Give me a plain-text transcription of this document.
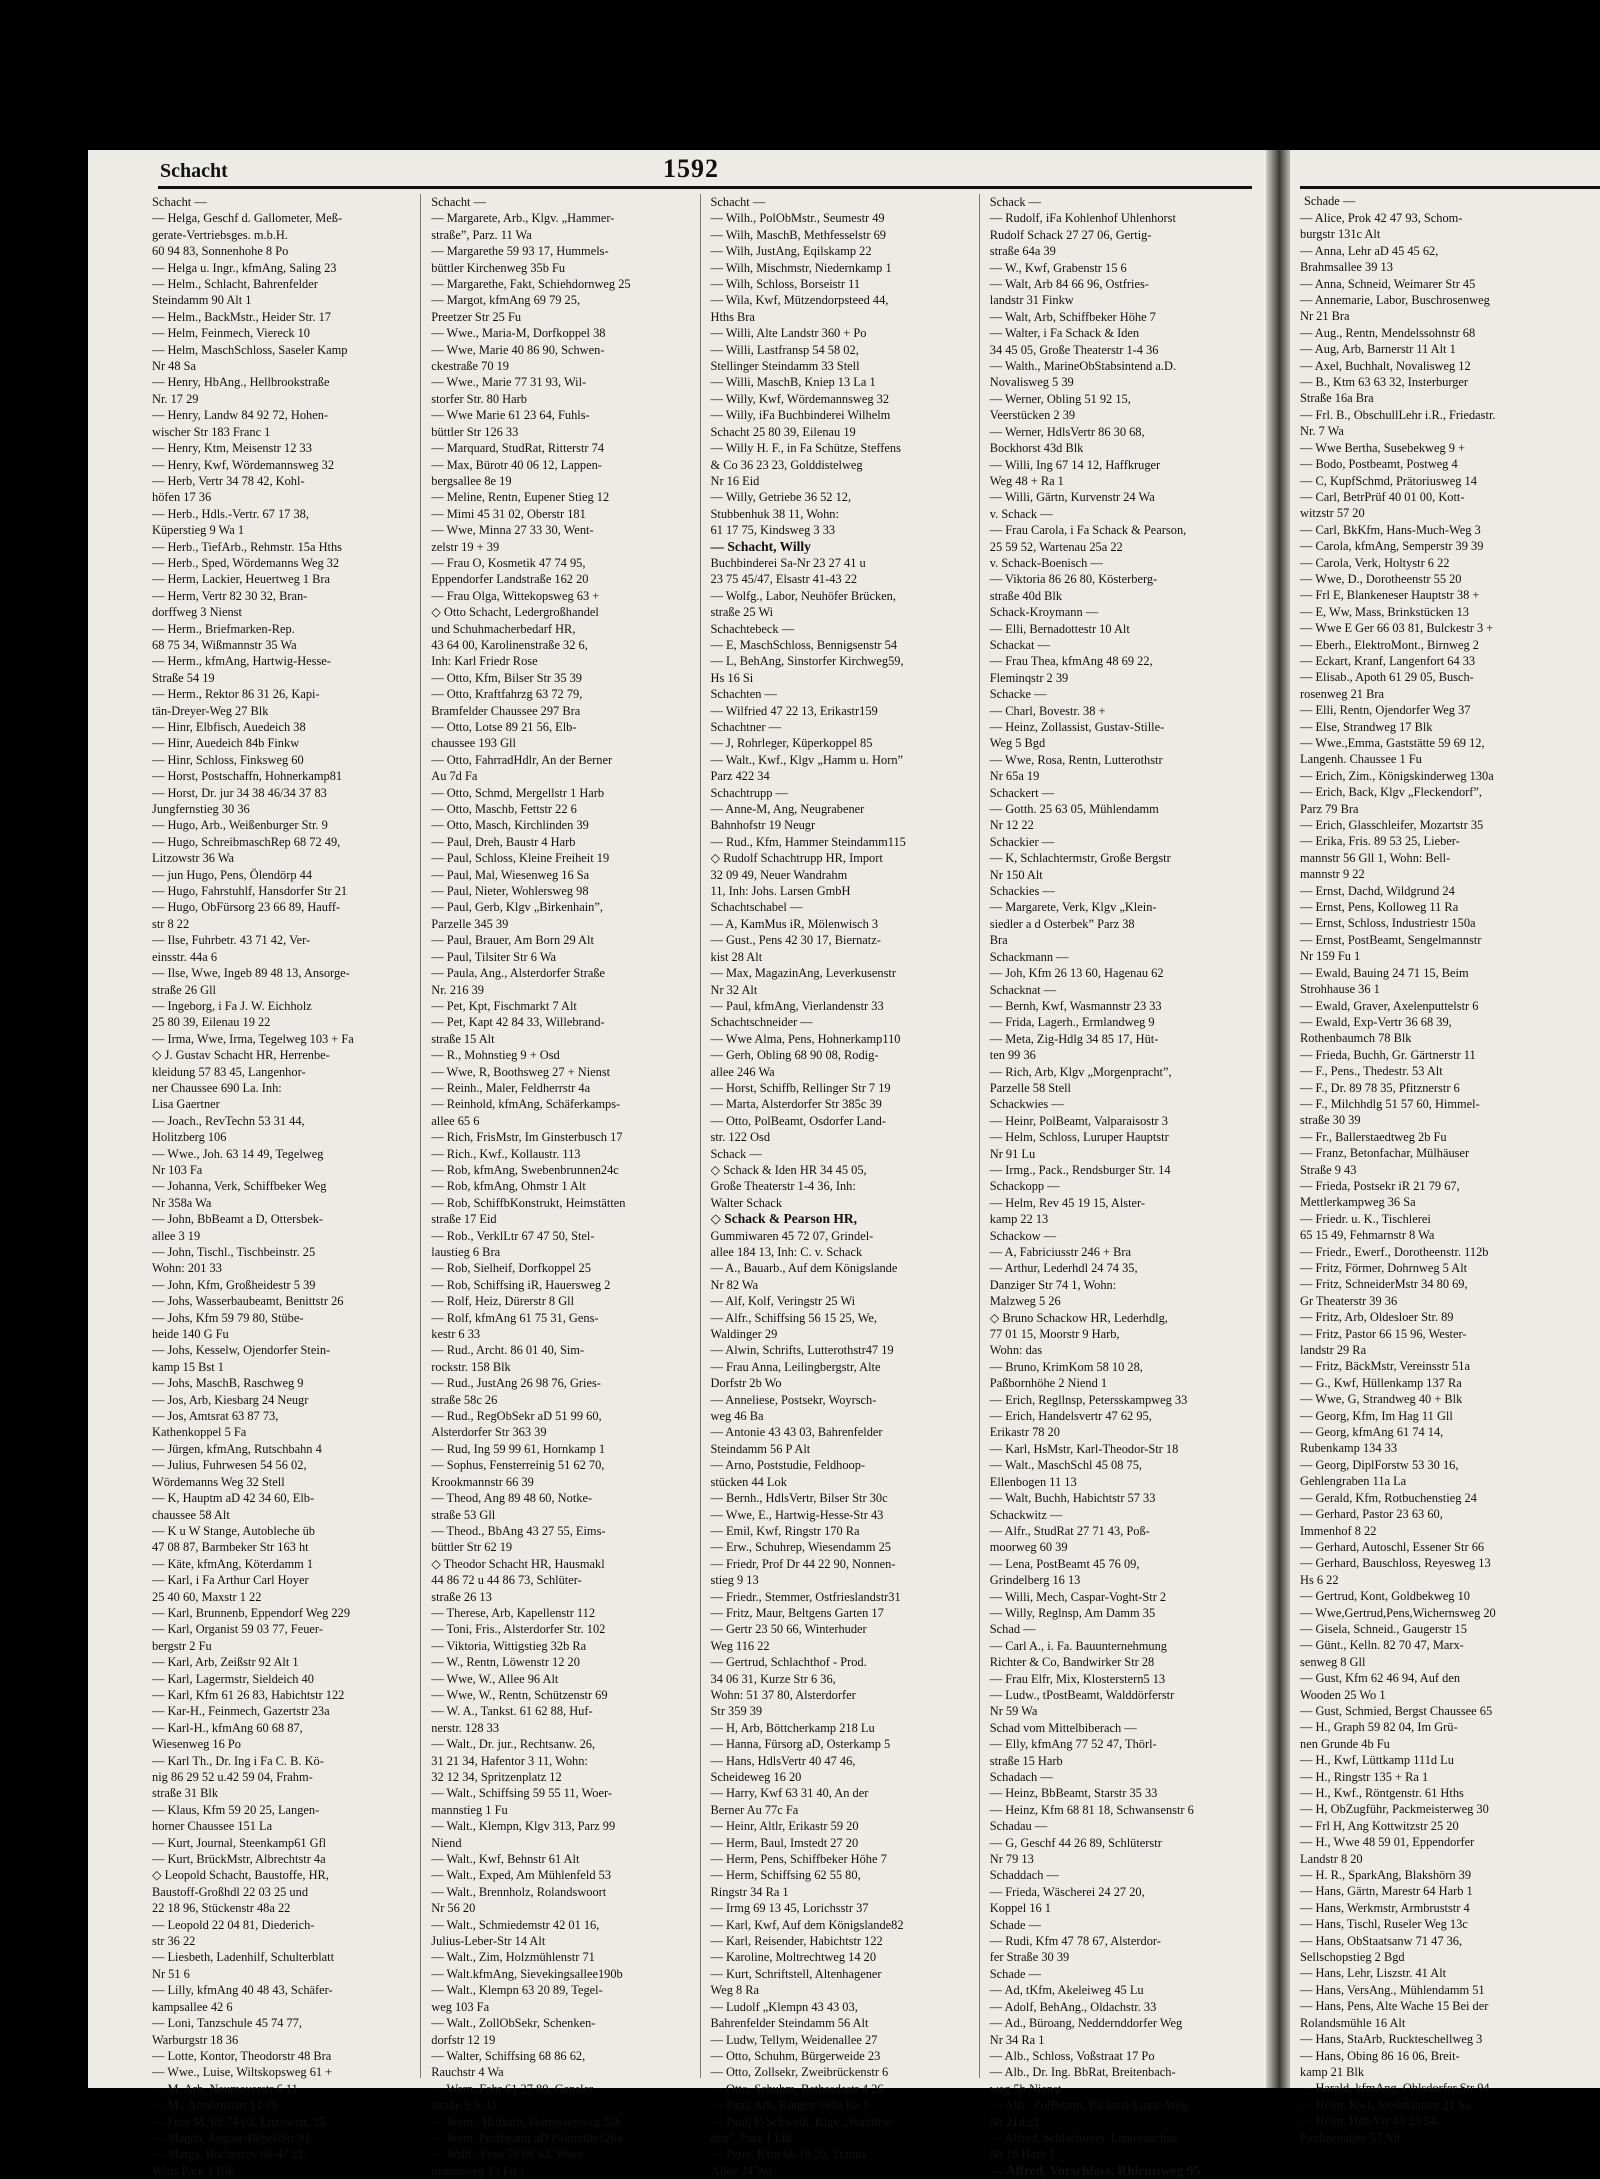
Schacht	1592
Schacht —
— Helga, Geschf d. Gallometer, Meß-
gerate-Vertriebsges. m.b.H.
60 94 83, Sonnenhohe 8 Po
— Helga u. Ingr., kfmAng, Saling 23
— Helm., Schlacht, Bahrenfelder
Steindamm 90 Alt 1
— Helm., BackMstr., Heider Str. 17
— Helm, Feinmech, Viereck 10
— Helm, MaschSchloss, Saseler Kamp
Nr 48 Sa
— Henry, HbAng., Hellbrookstraße
Nr. 17 29
— Henry, Landw 84 92 72, Hohen-
wischer Str 183 Franc 1
— Henry, Ktm, Meisenstr 12 33
— Henry, Kwf, Wördemannsweg 32
— Herb, Vertr 34 78 42, Kohl-
höfen 17 36
— Herb., Hdls.-Vertr. 67 17 38,
Küperstieg 9 Wa 1
— Herb., TiefArb., Rehmstr. 15a Hths
— Herb., Sped, Wördemanns Weg 32
— Herm, Lackier, Heuertweg 1 Bra
— Herm, Vertr 82 30 32, Bran-
dorffweg 3 Nienst
— Herm., Briefmarken-Rep.
68 75 34, Wißmannstr 35 Wa
— Herm., kfmAng, Hartwig-Hesse-
Straße 54 19
— Herm., Rektor 86 31 26, Kapi-
tän-Dreyer-Weg 27 Blk
— Hinr, Elbfisch, Auedeich 38
— Hinr, Auedeich 84b Finkw
— Hinr, Schloss, Finksweg 60
— Horst, Postschaffn, Hohnerkamp81
— Horst, Dr. jur 34 38 46/34 37 83
Jungfernstieg 30 36
— Hugo, Arb., Weißenburger Str. 9
— Hugo, SchreibmaschRep 68 72 49,
Litzowstr 36 Wa
— jun Hugo, Pens, Ölendörp 44
— Hugo, Fahrstuhlf, Hansdorfer Str 21
— Hugo, ObFürsorg 23 66 89, Hauff-
str 8 22
— Ilse, Fuhrbetr. 43 71 42, Ver-
einsstr. 44a 6
— Ilse, Wwe, Ingeb 89 48 13, Ansorge-
straße 26 Gll
— Ingeborg, i Fa J. W. Eichholz
25 80 39, Eilenau 19 22
— Irma, Wwe, Irma, Tegelweg 103 + Fa
◇ J. Gustav Schacht HR, Herrenbe-
kleidung 57 83 45, Langenhor-
ner Chaussee 690 La. Inh:
Lisa Gaertner
— Joach., RevTechn 53 31 44,
Holitzberg 106
— Wwe., Joh. 63 14 49, Tegelweg
Nr 103 Fa
— Johanna, Verk, Schiffbeker Weg
Nr 358a Wa
— John, BbBeamt a D, Ottersbek-
allee 3 19
— John, Tischl., Tischbeinstr. 25
Wohn: 201 33
— John, Kfm, Großheidestr 5 39
— Johs, Wasserbaubeamt, Benittstr 26
— Johs, Kfm 59 79 80, Stübe-
heide 140 G Fu
— Johs, Kesselw, Ojendorfer Stein-
kamp 15 Bst 1
— Johs, MaschB, Raschweg 9
— Jos, Arb, Kiesbarg 24 Neugr
— Jos, Amtsrat 63 87 73,
Kathenkoppel 5 Fa
— Jürgen, kfmAng, Rutschbahn 4
— Julius, Fuhrwesen 54 56 02,
Wördemanns Weg 32 Stell
— K, Hauptm aD 42 34 60, Elb-
chaussee 58 Alt
— K u W Stange, Autobleche üb
47 08 87, Barmbeker Str 163 ht
— Käte, kfmAng, Köterdamm 1
— Karl, i Fa Arthur Carl Hoyer
25 40 60, Maxstr 1 22
— Karl, Brunnenb, Eppendorf Weg 229
— Karl, Organist 59 03 77, Feuer-
bergstr 2 Fu
— Karl, Arb, Zeißstr 92 Alt 1
— Karl, Lagermstr, Sieldeich 40
— Karl, Kfm 61 26 83, Habichtstr 122
— Kar-H., Feinmech, Gazertstr 23a
— Karl-H., kfmAng 60 68 87,
Wiesenweg 16 Po
— Karl Th., Dr. Ing i Fa C. B. Kö-
nig 86 29 52 u.42 59 04, Frahm-
straße 31 Blk
— Klaus, Kfm 59 20 25, Langen-
horner Chaussee 151 La
— Kurt, Journal, Steenkamp61 Gfl
— Kurt, BrückMstr, Albrechtstr 4a
◇ Leopold Schacht, Baustoffe, HR,
Baustoff-Großhdl 22 03 25 und
22 18 96, Stückenstr 48a 22
— Leopold 22 04 81, Diederich-
str 36 22
— Liesbeth, Ladenhilf, Schulterblatt
Nr 51 6
— Lilly, kfmAng 40 48 43, Schäfer-
kampsallee 42 6
— Loni, Tanzschule 45 74 77,
Warburgstr 18 36
— Lotte, Kontor, Theodorstr 48 Bra
— Wwe., Luise, Wiltskopsweg 61 +
— M, Arb, Neumayerstr 6 11
— M., Armbruststr 11 39
— Frau M. 68 74 03, Litzowstr. 35
— Magda, August-Bebel-Str 91
— Marga, Bücherrev 86 47 21,
Witts Park 1 Blk
Schacht —
— Margarete, Arb., Klgv. „Hammer-
straße”, Parz. 11 Wa
— Margarethe 59 93 17, Hummels-
büttler Kirchenweg 35b Fu
— Margarethe, Fakt, Schiehdornweg 25
— Margot, kfmAng 69 79 25,
Preetzer Str 25 Fu
— Wwe., Maria-M, Dorfkoppel 38
— Wwe, Marie 40 86 90, Schwen-
ckestraße 70 19
— Wwe., Marie 77 31 93, Wil-
storfer Str. 80 Harb
— Wwe Marie 61 23 64, Fuhls-
büttler Str 126 33
— Marquard, StudRat, Ritterstr 74
— Max, Bürotr 40 06 12, Lappen-
bergsallee 8e 19
— Meline, Rentn, Eupener Stieg 12
— Mimi 45 31 02, Oberstr 181
— Wwe, Minna 27 33 30, Went-
zelstr 19 + 39
— Frau O, Kosmetik 47 74 95,
Eppendorfer Landstraße 162 20
— Frau Olga, Wittekopsweg 63 +
◇ Otto Schacht, Ledergroßhandel
und Schuhmacherbedarf HR,
43 64 00, Karolinenstraße 32 6,
Inh: Karl Friedr Rose
— Otto, Kfm, Bilser Str 35 39
— Otto, Kraftfahrzg 63 72 79,
Bramfelder Chaussee 297 Bra
— Otto, Lotse 89 21 56, Elb-
chaussee 193 Gll
— Otto, FahrradHdlr, An der Berner
Au 7d Fa
— Otto, Schmd, Mergellstr 1 Harb
— Otto, Maschb, Fettstr 22 6
— Otto, Masch, Kirchlinden 39
— Paul, Dreh, Baustr 4 Harb
— Paul, Schloss, Kleine Freiheit 19
— Paul, Mal, Wiesenweg 16 Sa
— Paul, Nieter, Wohlersweg 98
— Paul, Gerb, Klgv „Birkenhain”,
Parzelle 345 39
— Paul, Brauer, Am Born 29 Alt
— Paul, Tilsiter Str 6 Wa
— Paula, Ang., Alsterdorfer Straße
Nr. 216 39
— Pet, Kpt, Fischmarkt 7 Alt
— Pet, Kapt 42 84 33, Willebrand-
straße 15 Alt
— R., Mohnstieg 9 + Osd
— Wwe, R, Boothsweg 27 + Nienst
— Reinh., Maler, Feldherrstr 4a
— Reinhold, kfmAng, Schäferkamps-
allee 65 6
— Rich, FrisMstr, Im Ginsterbusch 17
— Rich., Kwf., Kollaustr. 113
— Rob, kfmAng, Swebenbrunnen24c
— Rob, kfmAng, Ohmstr 1 Alt
— Rob, SchiffbKonstrukt, Heimstätten
straße 17 Eid
— Rob., VerklLtr 67 47 50, Stel-
laustieg 6 Bra
— Rob, Sielheif, Dorfkoppel 25
— Rob, Schiffsing iR, Hauersweg 2
— Rolf, Heiz, Dürerstr 8 Gll
— Rolf, kfmAng 61 75 31, Gens-
kestr 6 33
— Rud., Archt. 86 01 40, Sim-
rockstr. 158 Blk
— Rud., JustAng 26 98 76, Gries-
straße 58c 26
— Rud., RegObSekr aD 51 99 60,
Alsterdorfer Str 363 39
— Rud, Ing 59 99 61, Hornkamp 1
— Sophus, Fensterreinig 51 62 70,
Krookmannstr 66 39
— Theod, Ang 89 48 60, Notke-
straße 53 Gll
— Theod., BbAng 43 27 55, Eims-
büttler Str 62 19
◇ Theodor Schacht HR, Hausmakl
44 86 72 u 44 86 73, Schlüter-
straße 26 13
— Therese, Arb, Kapellenstr 112
— Toni, Fris., Alsterdorfer Str. 102
— Viktoria, Wittigstieg 32b Ra
— W., Rentn, Löwenstr 12 20
— Wwe, W., Allee 96 Alt
— Wwe, W., Rentn, Schützenstr 69
— W. A., Tankst. 61 62 88, Huf-
nerstr. 128 33
— Walt., Dr. jur., Rechtsanw. 26,
31 21 34, Hafentor 3 11, Wohn:
32 12 34, Spritzenplatz 12
— Walt., Schiffsing 59 55 11, Woer-
mannstieg 1 Fu
— Walt., Klempn, Klgv 313, Parz 99
Niend
— Walt., Kwf, Behnstr 61 Alt
— Walt., Exped, Am Mühlenfeld 53
— Walt., Brennholz, Rolandswoort
Nr 56 20
— Walt., Schmiedemstr 42 01 16,
Julius-Leber-Str 14 Alt
— Walt., Zim, Holzmühlenstr 71
— Walt.kfmAng, Sievekingsallee190b
— Walt., Klempn 63 20 89, Tegel-
weg 103 Fa
— Walt., ZollObSekr, Schenken-
dorfstr 12 19
— Walter, Schiffsing 68 86 62,
Rauchstr 4 Wa
— Wern, Fahr 61 27 80, Gensler-
straße 9 A 33
— Wern., Hilfsarb, Hornissenweg 35b
— Wern, Postbeamt aD Palmaille126a
— Wilh., Pens 59 86 63, Woer-
mannsweg 13 Fu 1
Schacht —
— Wilh., PolObMstr., Seumestr 49
— Wilh, MaschB, Methfesselstr 69
— Wilh, JustAng, Eqilskamp 22
— Wilh, Mischmstr, Niedernkamp 1
— Wilh, Schloss, Borseistr 11
— Wila, Kwf, Mützendorpsteed 44,
Hths Bra
— Willi, Alte Landstr 360 + Po
— Willi, Lastfransp 54 58 02,
Stellinger Steindamm 33 Stell
— Willi, MaschB, Kniep 13 La 1
— Willy, Kwf, Wördemannsweg 32
— Willy, iFa Buchbinderei Wilhelm
Schacht 25 80 39, Eilenau 19
— Willy H. F., in Fa Schütze, Steffens
& Co 36 23 23, Golddistelweg
Nr 16 Eid
— Willy, Getriebe 36 52 12,
Stubbenhuk 38 11, Wohn:
61 17 75, Kindsweg 3 33
— Schacht, Willy
Buchbinderei Sa-Nr 23 27 41 u
23 75 45/47, Elsastr 41-43 22
— Wolfg., Labor, Neuhöfer Brücken,
straße 25 Wi
Schachtebeck —
— E, MaschSchloss, Bennigsenstr 54
— L, BehAng, Sinstorfer Kirchweg59,
Hs 16 Si
Schachten —
— Wilfried 47 22 13, Erikastr159
Schachtner —
— J, Rohrleger, Küperkoppel 85
— Walt., Kwf., Klgv „Hamm u. Horn”
Parz 422 34
Schachtrupp —
— Anne-M, Ang, Neugrabener
Bahnhofstr 19 Neugr
— Rud., Kfm, Hammer Steindamm115
◇ Rudolf Schachtrupp HR, Import
32 09 49, Neuer Wandrahm
11, Inh: Johs. Larsen GmbH
Schachtschabel —
— A, KamMus iR, Mölenwisch 3
— Gust., Pens 42 30 17, Biernatz-
kist 28 Alt
— Max, MagazinAng, Leverkusenstr
Nr 32 Alt
— Paul, kfmAng, Vierlandenstr 33
Schachtschneider —
— Wwe Alma, Pens, Hohnerkamp110
— Gerh, Obling 68 90 08, Rodig-
allee 246 Wa
— Horst, Schiffb, Rellinger Str 7 19
— Marta, Alsterdorfer Str 385c 39
— Otto, PolBeamt, Osdorfer Land-
str. 122 Osd
Schack —
◇ Schack & Iden HR 34 45 05,
Große Theaterstr 1-4 36, Inh:
Walter Schack
◇ Schack & Pearson HR,
Gummiwaren 45 72 07, Grindel-
allee 184 13, Inh: C. v. Schack
— A., Bauarb., Auf dem Königslande
Nr 82 Wa
— Alf, Kolf, Veringstr 25 Wi
— Alfr., Schiffsing 56 15 25, We,
Waldinger 29
— Alwin, Schrifts, Lutterothstr47 19
— Frau Anna, Leilingbergstr, Alte
Dorfstr 2b Wo
— Anneliese, Postsekr, Woyrsch-
weg 46 Ba
— Antonie 43 43 03, Bahrenfelder
Steindamm 56 P Alt
— Arno, Poststudie, Feldhoop-
stücken 44 Lok
— Bernh., HdlsVertr, Bilser Str 30c
— Wwe, E., Hartwig-Hesse-Str 43
— Emil, Kwf, Ringstr 170 Ra
— Erw., Schuhrep, Wiesendamm 25
— Friedr, Prof Dr 44 22 90, Nonnen-
stieg 9 13
— Friedr., Stemmer, Ostfrieslandstr31
— Fritz, Maur, Beltgens Garten 17
— Gertr 23 50 66, Winterhuder
Weg 116 22
— Gertrud, Schlachthof - Prod.
34 06 31, Kurze Str 6 36,
Wohn: 51 37 80, Alsterdorfer
Str 359 39
— H, Arb, Böttcherkamp 218 Lu
— Hanna, Fürsorg aD, Osterkamp 5
— Hans, HdlsVertr 40 47 46,
Scheideweg 16 20
— Harry, Kwf 63 31 40, An der
Berner Au 77c Fa
— Heinr, Altlr, Erikastr 59 20
— Herm, Baul, Imstedt 27 20
— Herm, Pens, Schiffbeker Höhe 7
— Herm, Schiffsing 62 55 80,
Ringstr 34 Ra 1
— Irmg 69 13 45, Lorichsstr 37
— Karl, Kwf, Auf dem Königslande82
— Karl, Reisender, Habichtstr 122
— Karoline, Moltrechtweg 14 20
— Kurt, Schriftstell, Altenhagener
Weg 8 Ra
— Ludolf „Klempn 43 43 03,
Bahrenfelder Steindamm 56 Alt
— Ludw, Tellym, Weidenallee 27
— Otto, Schuhm, Bürgerweide 23
— Otto, Zollsekr, Zweibrückenstr 6
— Otto, Schuhm, Bethesdastr 4 26
— Paul, Arb, Ringstr 168a Ra 1
— Paul, E-Schweiß, Klgv „Waldfrie-
den”, Parz 1 Eid
— Peter, Kfm 68 18 20, Trauns
Allee 24 Wa
Schack —
— Rudolf, iFa Kohlenhof Uhlenhorst
Rudolf Schack 27 27 06, Gertig-
straße 64a 39
— W., Kwf, Grabenstr 15 6
— Walt, Arb 84 66 96, Ostfries-
landstr 31 Finkw
— Walt, Arb, Schiffbeker Höhe 7
— Walter, i Fa Schack & Iden
34 45 05, Große Theaterstr 1-4 36
— Walth., MarineObStabsintend a.D.
Novalisweg 5 39
— Werner, Obling 51 92 15,
Veerstücken 2 39
— Werner, HdlsVertr 86 30 68,
Bockhorst 43d Blk
— Willi, Ing 67 14 12, Haffkruger
Weg 48 + Ra 1
— Willi, Gärtn, Kurvenstr 24 Wa
v. Schack —
— Frau Carola, i Fa Schack & Pearson,
25 59 52, Wartenau 25a 22
v. Schack-Boenisch —
— Viktoria 86 26 80, Kösterberg-
straße 40d Blk
Schack-Kroymann —
— Elli, Bernadottestr 10 Alt
Schackat —
— Frau Thea, kfmAng 48 69 22,
Fleminqstr 2 39
Schacke —
— Charl, Bovestr. 38 +
— Heinz, Zollassist, Gustav-Stille-
Weg 5 Bgd
— Wwe, Rosa, Rentn, Lutterothstr
Nr 65a 19
Schackert —
— Gotth. 25 63 05, Mühlendamm
Nr 12 22
Schackier —
— K, Schlachtermstr, Große Bergstr
Nr 150 Alt
Schackies —
— Margarete, Verk, Klgv „Klein-
siedler a d Osterbek” Parz 38
Bra
Schackmann —
— Joh, Kfm 26 13 60, Hagenau 62
Schacknat —
— Bernh, Kwf, Wasmannstr 23 33
— Frida, Lagerh., Ermlandweg 9
— Meta, Zig-Hdlg 34 85 17, Hüt-
ten 99 36
— Rich, Arb, Klgv „Morgenpracht”,
Parzelle 58 Stell
Schackwies —
— Heinr, PolBeamt, Valparaisostr 3
— Helm, Schloss, Luruper Hauptstr
Nr 91 Lu
— Irmg., Pack., Rendsburger Str. 14
Schackopp —
— Helm, Rev 45 19 15, Alster-
kamp 22 13
Schackow —
— A, Fabriciusstr 246 + Bra
— Arthur, Lederhdl 24 74 35,
Danziger Str 74 1, Wohn:
Malzweg 5 26
◇ Bruno Schackow HR, Lederhdlg,
77 01 15, Moorstr 9 Harb,
Wohn: das
— Bruno, KrimKom 58 10 28,
Paßbornhöhe 2 Niend 1
— Erich, Regllnsp, Petersskampweg 33
— Erich, Handelsvertr 47 62 95,
Erikastr 78 20
— Karl, HsMstr, Karl-Theodor-Str 18
— Walt., MaschSchl 45 08 75,
Ellenbogen 11 13
— Walt, Buchh, Habichtstr 57 33
Schackwitz —
— Alfr., StudRat 27 71 43, Poß-
moorweg 60 39
— Lena, PostBeamt 45 76 09,
Grindelberg 16 13
— Willi, Mech, Caspar-Voght-Str 2
— Willy, Reglnsp, Am Damm 35
Schad —
— Carl A., i. Fa. Bauunternehmung
Richter & Co, Bandwirker Str 28
— Frau Elfr, Mix, Klosterstern5 13
— Ludw., tPostBeamt, Walddörferstr
Nr 59 Wa
Schad vom Mittelbiberach —
— Elly, kfmAng 77 52 47, Thörl-
straße 15 Harb
Schadach —
— Heinz, BbBeamt, Starstr 35 33
— Heinz, Kfm 68 81 18, Schwansenstr 6
Schadau —
— G, Geschf 44 26 89, Schlüterstr
Nr 79 13
Schaddach —
— Frieda, Wäscherei 24 27 20,
Koppel 16 1
Schade —
— Rudi, Kfm 47 78 67, Alsterdor-
fer Straße 30 39
Schade —
— Ad, tKfm, Akeleiweg 45 Lu
— Adolf, BehAng., Oldachstr. 33
— Ad., Büroang, Neddernddorfer Weg
Nr 34 Ra 1
— Alb., Schloss, Voßstraat 17 Po
— Alb., Dr. Ing. BbRat, Breitenbach-
weg 5b Nienst
— Alfr., PolBeamt, Richard-Linde-Weg
Nr 21d 21
— Alfred, Schlachterei, Lauterbachstr
Nr 16 Harb 1
— Alfred, Vorschloss, Rhiemsweg 95
Schade —
— Alice, Prok 42 47 93, Schom-
burgstr 131c Alt
— Anna, Lehr aD 45 45 62,
Brahmsallee 39 13
— Anna, Schneid, Weimarer Str 45
— Annemarie, Labor, Buschrosenweg
Nr 21 Bra
— Aug., Rentn, Mendelssohnstr 68
— Aug, Arb, Barnerstr 11 Alt 1
— Axel, Buchhalt, Novalisweg 12
— B., Ktm 63 63 32, Insterburger
Straße 16a Bra
— Frl. B., ObschullLehr i.R., Friedastr.
Nr. 7 Wa
— Wwe Bertha, Susebekweg 9 +
— Bodo, Postbeamt, Postweg 4
— C, KupfSchmd, Prätoriusweg 14
— Carl, BetrPrüf 40 01 00, Kott-
witzstr 57 20
— Carl, BkKfm, Hans-Much-Weg 3
— Carola, kfmAng, Semperstr 39 39
— Carola, Verk, Holtystr 6 22
— Wwe, D., Dorotheenstr 55 20
— Frl E, Blankeneser Hauptstr 38 +
— E, Ww, Mass, Brinkstücken 13
— Wwe E Ger 66 03 81, Bulckestr 3 +
— Eberh., ElektroMont., Birnweg 2
— Eckart, Kranf, Langenfort 64 33
— Elisab., Apoth 61 29 05, Busch-
rosenweg 21 Bra
— Elli, Rentn, Ojendorfer Weg 37
— Else, Strandweg 17 Blk
— Wwe.,Emma, Gaststätte 59 69 12,
Langenh. Chaussee 1 Fu
— Erich, Zim., Königskinderweg 130a
— Erich, Back, Klgv „Fleckendorf”,
Parz 79 Bra
— Erich, Glasschleifer, Mozartstr 35
— Erika, Fris. 89 53 25, Lieber-
mannstr 56 Gll 1, Wohn: Bell-
mannstr 9 22
— Ernst, Dachd, Wildgrund 24
— Ernst, Pens, Kolloweg 11 Ra
— Ernst, Schloss, Industriestr 150a
— Ernst, PostBeamt, Sengelmannstr
Nr 159 Fu 1
— Ewald, Bauing 24 71 15, Beim
Strohhause 36 1
— Ewald, Graver, Axelenputtelstr 6
— Ewald, Exp-Vertr 36 68 39,
Rothenbaumch 78 Blk
— Frieda, Buchh, Gr. Gärtnerstr 11
— F., Pens., Thedestr. 53 Alt
— F., Dr. 89 78 35, Pfitznerstr 6
— F., Milchhdlg 51 57 60, Himmel-
straße 30 39
— Fr., Ballerstaedtweg 2b Fu
— Franz, Betonfachar, Mülhäuser
Straße 9 43
— Frieda, Postsekr iR 21 79 67,
Mettlerkampweg 36 Sa
— Friedr. u. K., Tischlerei
65 15 49, Fehmarnstr 8 Wa
— Friedr., Ewerf., Dorotheenstr. 112b
— Fritz, Förmer, Dohrnweg 5 Alt
— Fritz, SchneiderMstr 34 80 69,
Gr Theaterstr 39 36
— Fritz, Arb, Oldesloer Str. 89
— Fritz, Pastor 66 15 96, Wester-
landstr 29 Ra
— Fritz, BäckMstr, Vereinsstr 51a
— G., Kwf, Hüllenkamp 137 Ra
— Wwe, G, Strandweg 40 + Blk
— Georg, Kfm, Im Hag 11 Gll
— Georg, kfmAng 61 74 14,
Rubenkamp 134 33
— Georg, DiplForstw 53 30 16,
Gehlengraben 11a La
— Gerald, Kfm, Rotbuchenstieg 24
— Gerhard, Pastor 23 63 60,
Immenhof 8 22
— Gerhard, Autoschl, Essener Str 66
— Gerhard, Bauschloss, Reyesweg 13
Hs 6 22
— Gertrud, Kont, Goldbekweg 10
— Wwe,Gertrud,Pens,Wichernsweg 20
— Gisela, Schneid., Gaugerstr 15
— Günt., Kelln. 82 70 47, Marx-
senweg 8 Gll
— Gust, Kfm 62 46 94, Auf den
Wooden 25 Wo 1
— Gust, Schmied, Bergst Chaussee 65
— H., Graph 59 82 04, Im Grü-
nen Grunde 4b Fu
— H., Kwf, Lüttkamp 111d Lu
— H., Ringstr 135 + Ra 1
— H., Kwf., Röntgenstr. 61 Hths
— H, ObZugführ, Packmeisterweg 30
— Frl H, Ang Kottwitzstr 25 20
— H., Wwe 48 59 01, Eppendorfer
Landstr 8 20
— H. R., SparkAng, Blakshörn 39
— Hans, Gärtn, Marestr 64 Harb 1
— Hans, Werkmstr, Armbruststr 4
— Hans, Tischl, Ruseler Weg 13c
— Hans, ObStaatsanw 71 47 36,
Sellschopstieg 2 Bgd
— Hans, Lehr, Liszstr. 41 Alt
— Hans, VersAng., Mühlendamm 51
— Hans, Pens, Alte Wache 15 Bei der
Rolandsmühle 16 Alt
— Hans, StaArb, Ruckteschellweg 3
— Hans, Obing 86 16 06, Breit-
kamp 21 Blk
— Harald, kfmAng, Ohlsdorfer Str 94
— Heinr, Kwf, Stedtbahnstr 21 Sa
— Heinr, HdlsVtr 43 23 54,
Paulinenallee 57 Alt
